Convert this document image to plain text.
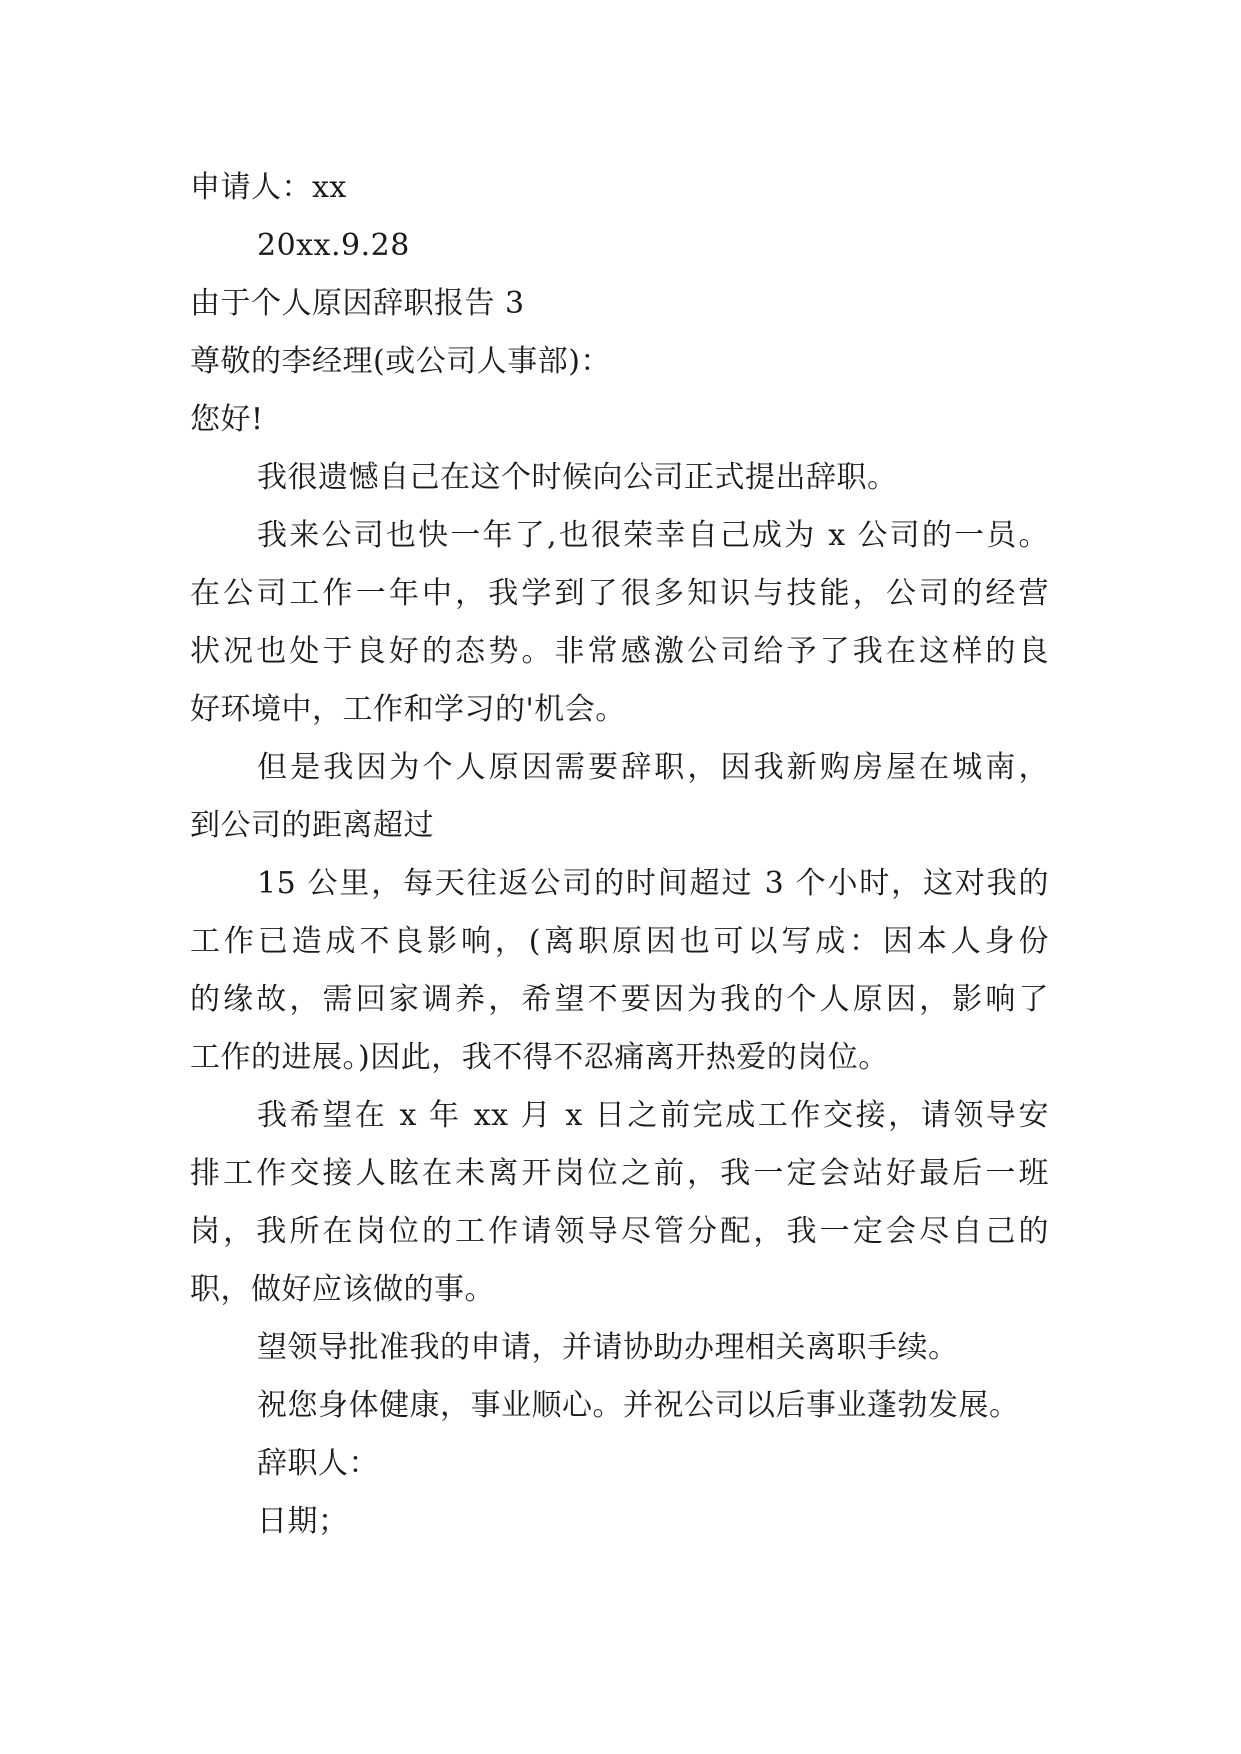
申请人：xx
20xx.9.28
由于个人原因辞职报告 3
尊敬的李经理(或公司人事部)：
您好!
我很遗憾自己在这个时候向公司正式提出辞职。
我来公司也快一年了,也很荣幸自己成为 x 公司的一员。
在公司工作一年中，我学到了很多知识与技能，公司的经营
状况也处于良好的态势。非常感激公司给予了我在这样的良
好环境中，工作和学习的'机会。
但是我因为个人原因需要辞职，因我新购房屋在城南，
到公司的距离超过
15 公里，每天往返公司的时间超过 3 个小时，这对我的
工作已造成不良影响，(离职原因也可以写成：因本人身份
的缘故，需回家调养，希望不要因为我的个人原因，影响了
工作的进展。)因此，我不得不忍痛离开热爱的岗位。
我希望在 x 年 xx 月 x 日之前完成工作交接，请领导安
排工作交接人眩在未离开岗位之前，我一定会站好最后一班
岗，我所在岗位的工作请领导尽管分配，我一定会尽自己的
职，做好应该做的事。
望领导批准我的申请，并请协助办理相关离职手续。
祝您身体健康，事业顺心。并祝公司以后事业蓬勃发展。
辞职人：
日期；
